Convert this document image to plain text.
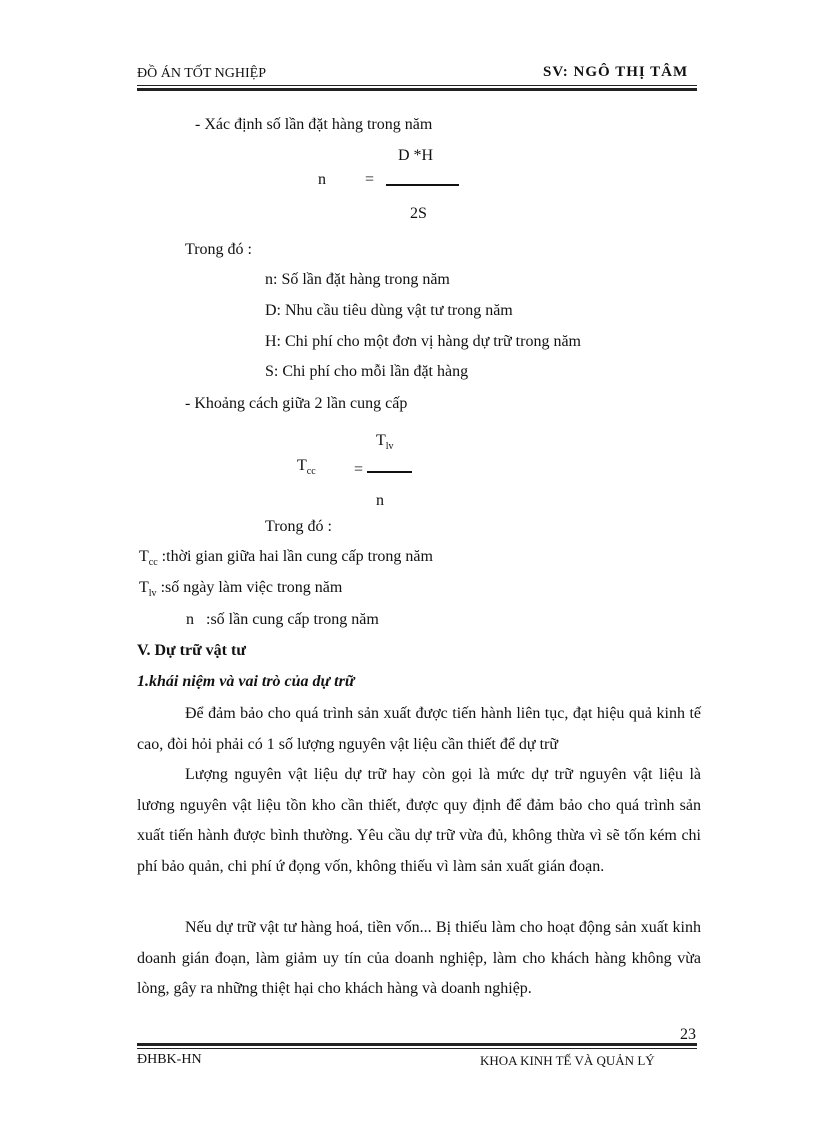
ĐỒ ÁN TỐT NGHIỆP	SV: NGÔ THỊ TÂM
- Xác định số lần đặt hàng trong năm
D *H
n =
2S
Trong đó :
n: Số lần đặt hàng trong năm
D: Nhu cầu tiêu dùng vật tư trong năm
H: Chi phí cho một đơn vị hàng dự trữ trong năm
S: Chi phí cho mỗi lần đặt hàng
- Khoảng cách giữa 2 lần cung cấp
$T_{lv}$
$T_{cc}$ =
n
Trong đó :
$T_{cc}$ :thời gian giữa hai lần cung cấp trong năm
$T_{lv}$ :số ngày làm việc trong năm
n   :số lần cung cấp trong năm
V. Dự trữ vật tư
1.khái niệm và vai trò của dự trữ
Để đảm bảo cho quá trình sản xuất được tiến hành liên tục, đạt hiệu quả kinh tế cao, đòi hỏi phải có 1 số lượng nguyên vật liệu cần thiết để dự trữ
Lượng nguyên vật liệu dự trữ hay còn gọi là mức dự trữ nguyên vật liệu là lương nguyên vật liệu tồn kho cần thiết, được quy định để đảm bảo cho quá trình sản xuất tiến hành được bình thường. Yêu cầu dự trữ vừa đủ, không thừa vì sẽ tốn kém chi phí bảo quản, chi phí ứ đọng vốn, không thiếu vì làm sản xuất gián đoạn.
Nếu dự trữ vật tư hàng hoá, tiền vốn... Bị thiếu làm cho hoạt động sản xuất kinh doanh gián đoạn, làm giảm uy tín của doanh nghiệp, làm cho khách hàng không vừa lòng, gây ra những thiệt hại cho khách hàng và doanh nghiệp.
23
ĐHBK-HN	KHOA KINH TẾ VÀ QUẢN LÝ
